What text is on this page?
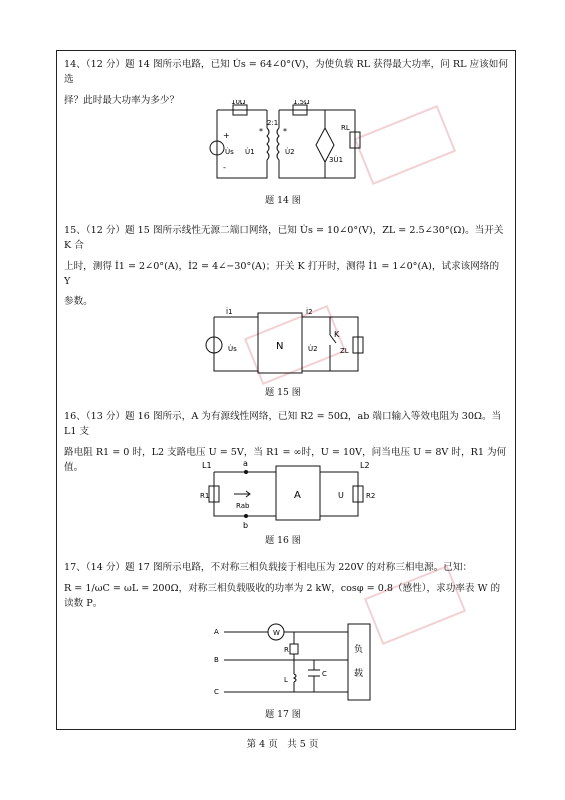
14、（12 分）题 14 图所示电路，已知 U̇s = 64∠0°(V)，为使负载 RL 获得最大功率，问 RL 应该如何选
择？此时最大功率为多少？	10Ω	1.5Ω
2:1
+
-
U̇s U̇1	U̇2
3U̇1
RL
*	*
题 14 图
15、（12 分）题 15 图所示线性无源二端口网络，已知 U̇s = 10∠0°(V)，ZL = 2.5∠30°(Ω)。当开关 K 合
上时，测得 İ1 = 2∠0°(A)，İ2 = 4∠−30°(A)；开关 K 打开时，测得 İ1 = 1∠0°(A)，试求该网络的 Y
参数。
N
K
İ1	İ2
U̇s	U̇2	ZL
题 15 图
16、（13 分）题 16 图所示，A 为有源线性网络，已知 R2 = 50Ω，ab 端口输入等效电阻为 30Ω。当 L1 支
路电阻 R1 = 0 时，L2 支路电压 U = 5V，当 R1 = ∞时，U = 10V，问当电压 U = 8V 时，R1 为何值。	L1	L2
a
b
R1	R2
Rab
A	U
题 16 图
17、（14 分）题 17 图所示电路，不对称三相负载接于相电压为 220V 的对称三相电源。已知：
R = 1/ωC = ωL = 200Ω，对称三相负载吸收的功率为 2 kW，cosφ = 0.8（感性），求功率表 W 的读数 P。
A
B
C
W
R
L
C
负
载
题 17 图
第 4 页　共 5 页
